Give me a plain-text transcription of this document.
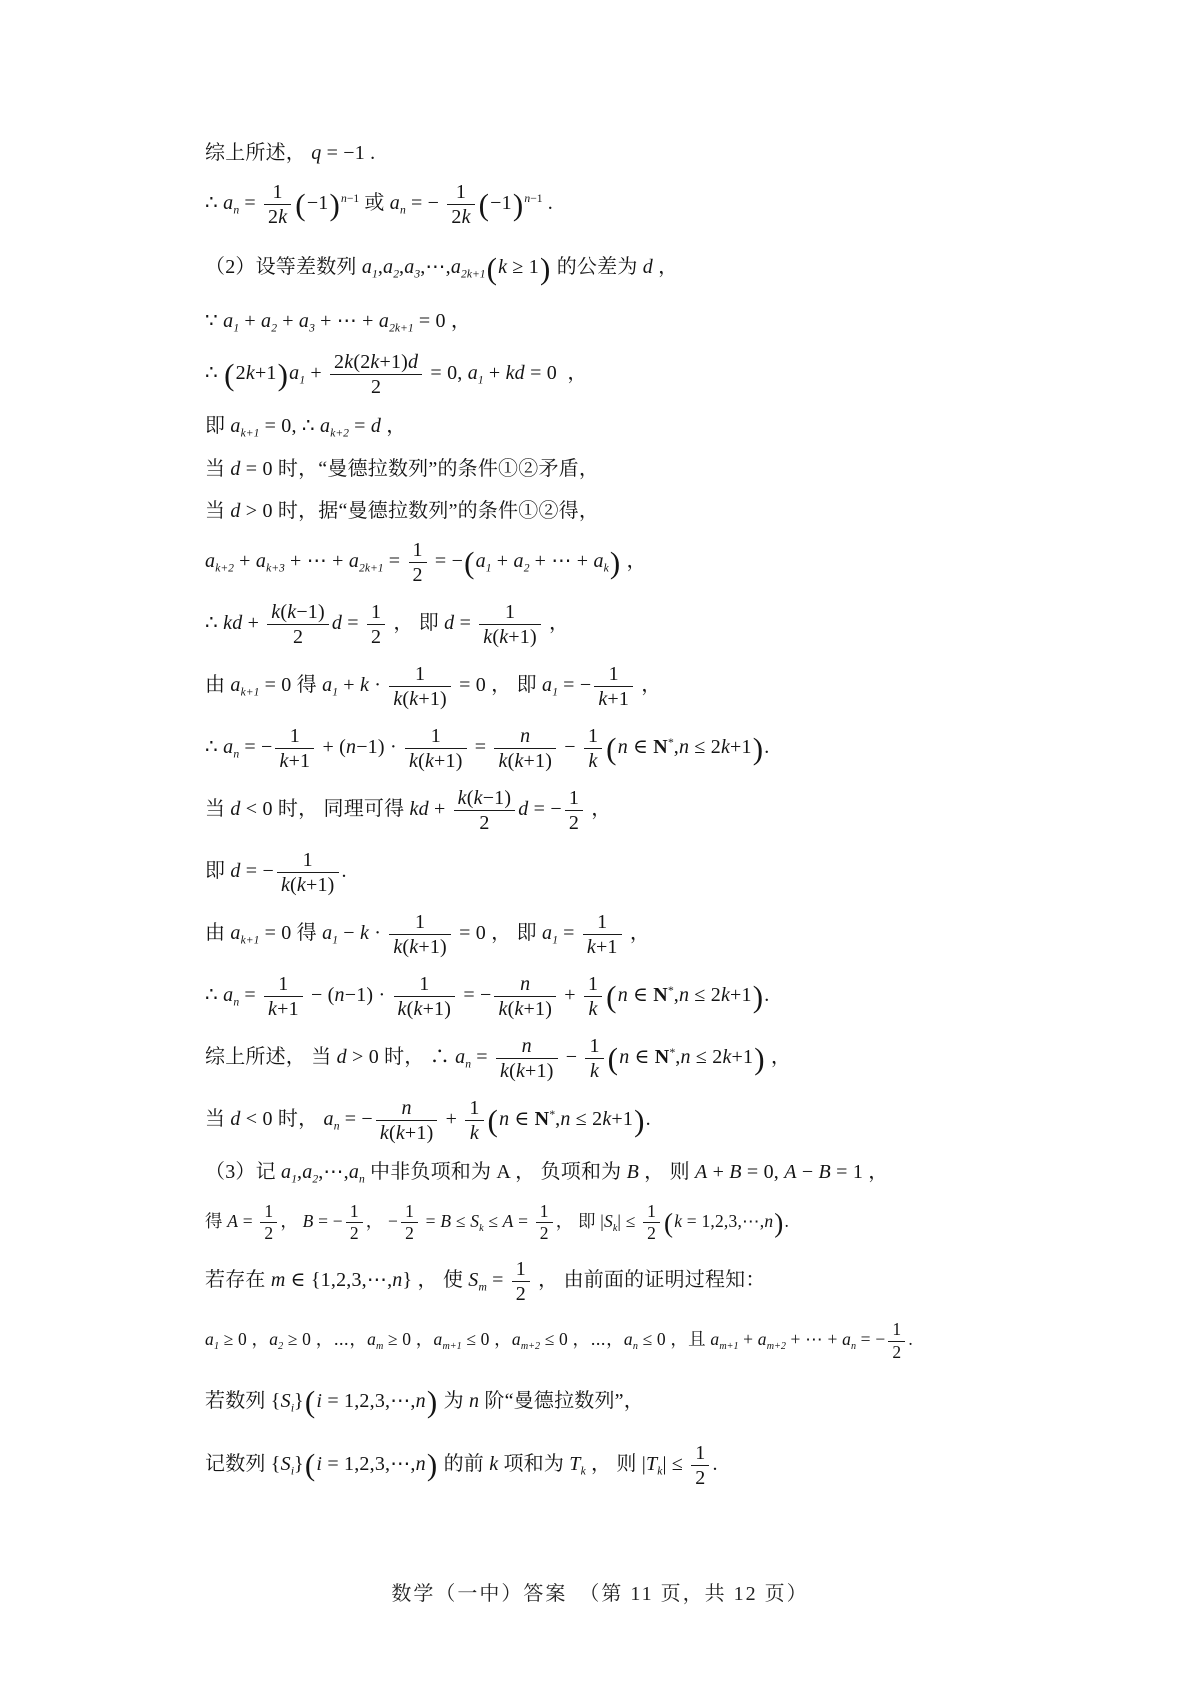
综上所述， q = −1 .
∴ $a_n = \frac{1}{2k} (-1)^{n-1}$ 或 $a_n$ = − $\frac{1}{2k} (-1)^{n-1}$ .
（2）设等差数列 $a_1,a_2,a_3,\cdots,a_{2k+1}(k \ge 1)$ 的公差为 d ，
∵ $a_1 + a_2 + a_3$ + ⋯ + $a_{2k+1} = 0$ ，
∴ $(2k+1)a_1 + \frac{2k(2k+1)d}{2} = 0$, $a_1$ + kd = 0  ，
即 $a_{k+1} = 0$, ∴ $a_{k+2} = d$ ，
当 d = 0 时，“曼德拉数列”的条件①②矛盾，
当 d > 0 时，据“曼德拉数列”的条件①②得，
$a_{k+2} + a_{k+3}$ + ⋯ + $a_{2k+1} = \frac{1}{2} = -(a_1 + a_2$ + ⋯ + $a_k$) ，
∴ kd + $\frac{k(k-1)}{2}$ $d = \frac{1}{2}$ ， 即 $d = \frac{1}{k(k+1)}$ ，
由 $a_{k+1} = 0$ 得 $a_1 + k \cdot \frac{1}{k(k+1)} = 0$ ， 即 $a_1$ = − $\frac{1}{k+1}$ ，
∴ $a_n$ = − $\frac{1}{k+1} + (n-1) \cdot \frac{1}{k(k+1)} = \frac{n}{k(k+1)} - \frac{1}{k} (n$ ∈ N*,n ≤ 2k+1).
当 d < 0 时， 同理可得 kd + $\frac{k(k-1)}{2}$ d = − $\frac{1}{2}$ ，
即 d = − $\frac{1}{k(k+1)}$ .
由 $a_{k+1} = 0$ 得 $a_1 - k \cdot \frac{1}{k(k+1)} = 0$ ， 即 $a_1 = \frac{1}{k+1}$ ，
∴ $a_n = \frac{1}{k+1} - (n-1) \cdot \frac{1}{k(k+1)}$ = − $\frac{n}{k(k+1)} + \frac{1}{k} (n$ ∈ N*,n ≤ 2k+1).
综上所述， 当 d > 0 时， ∴ $a_n = \frac{n}{k(k+1)} - \frac{1}{k} (n$ ∈ N*,n ≤ 2k+1) ，
当 d < 0 时， $a_n$ = − $\frac{n}{k(k+1)} + \frac{1}{k} (n$ ∈ N*,n ≤ 2k+1).
（3）记 $a_1,a_2,\cdots,a_n$ 中非负项和为 A ， 负项和为 B ， 则 A + B = 0, A − B = 1 ，
得 $A = \frac{1}{2}$ ， B = − $\frac{1}{2}$ ， − $\frac{1}{2} = B \le S_k \le A = \frac{1}{2}$ ， 即 $|S_k| \le \frac{1}{2} (k$ = 1,2,3,⋯,n).
若存在 m ∈ {1,2,3,⋯,n} ， 使 $S_m = \frac{1}{2}$ ， 由前面的证明过程知：
$a_1 \ge 0$ ，$a_2 \ge 0$ ，⋯，$a_m \ge 0$ ，$a_{m+1} \le 0$ ，$a_{m+2} \le 0$ ，⋯，$a_n \le 0$ ，且 $a_{m+1} + a_{m+2}$ + ⋯ + $a_n$ = − $\frac{1}{2}$ .
若数列 $\{S_i\}(i$ = 1,2,3,⋯,n) 为 n 阶“曼德拉数列”，
记数列 $\{S_i\}(i$ = 1,2,3,⋯,n) 的前 k 项和为 $T_k$ ， 则 $|T_k| \le \frac{1}{2}$ .
数学（一中）答案　（第 11 页，共 12 页）
